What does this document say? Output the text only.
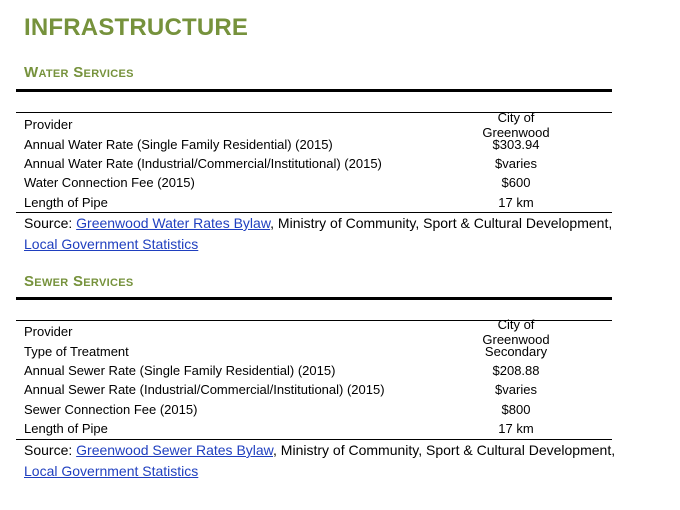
INFRASTRUCTURE
Water Services
Provider	City of Greenwood
Annual Water Rate (Single Family Residential) (2015)	$303.94
Annual Water Rate (Industrial/Commercial/Institutional) (2015)	$varies
Water Connection Fee (2015)	$600
Length of Pipe	17 km
Source: Greenwood Water Rates Bylaw, Ministry of Community, Sport & Cultural Development,
Local Government Statistics
Sewer Services
Provider	City of Greenwood
Type of Treatment	Secondary
Annual Sewer Rate (Single Family Residential) (2015)	$208.88
Annual Sewer Rate (Industrial/Commercial/Institutional) (2015)	$varies
Sewer Connection Fee (2015)	$800
Length of Pipe	17 km
Source: Greenwood Sewer Rates Bylaw, Ministry of Community, Sport & Cultural Development,
Local Government Statistics
